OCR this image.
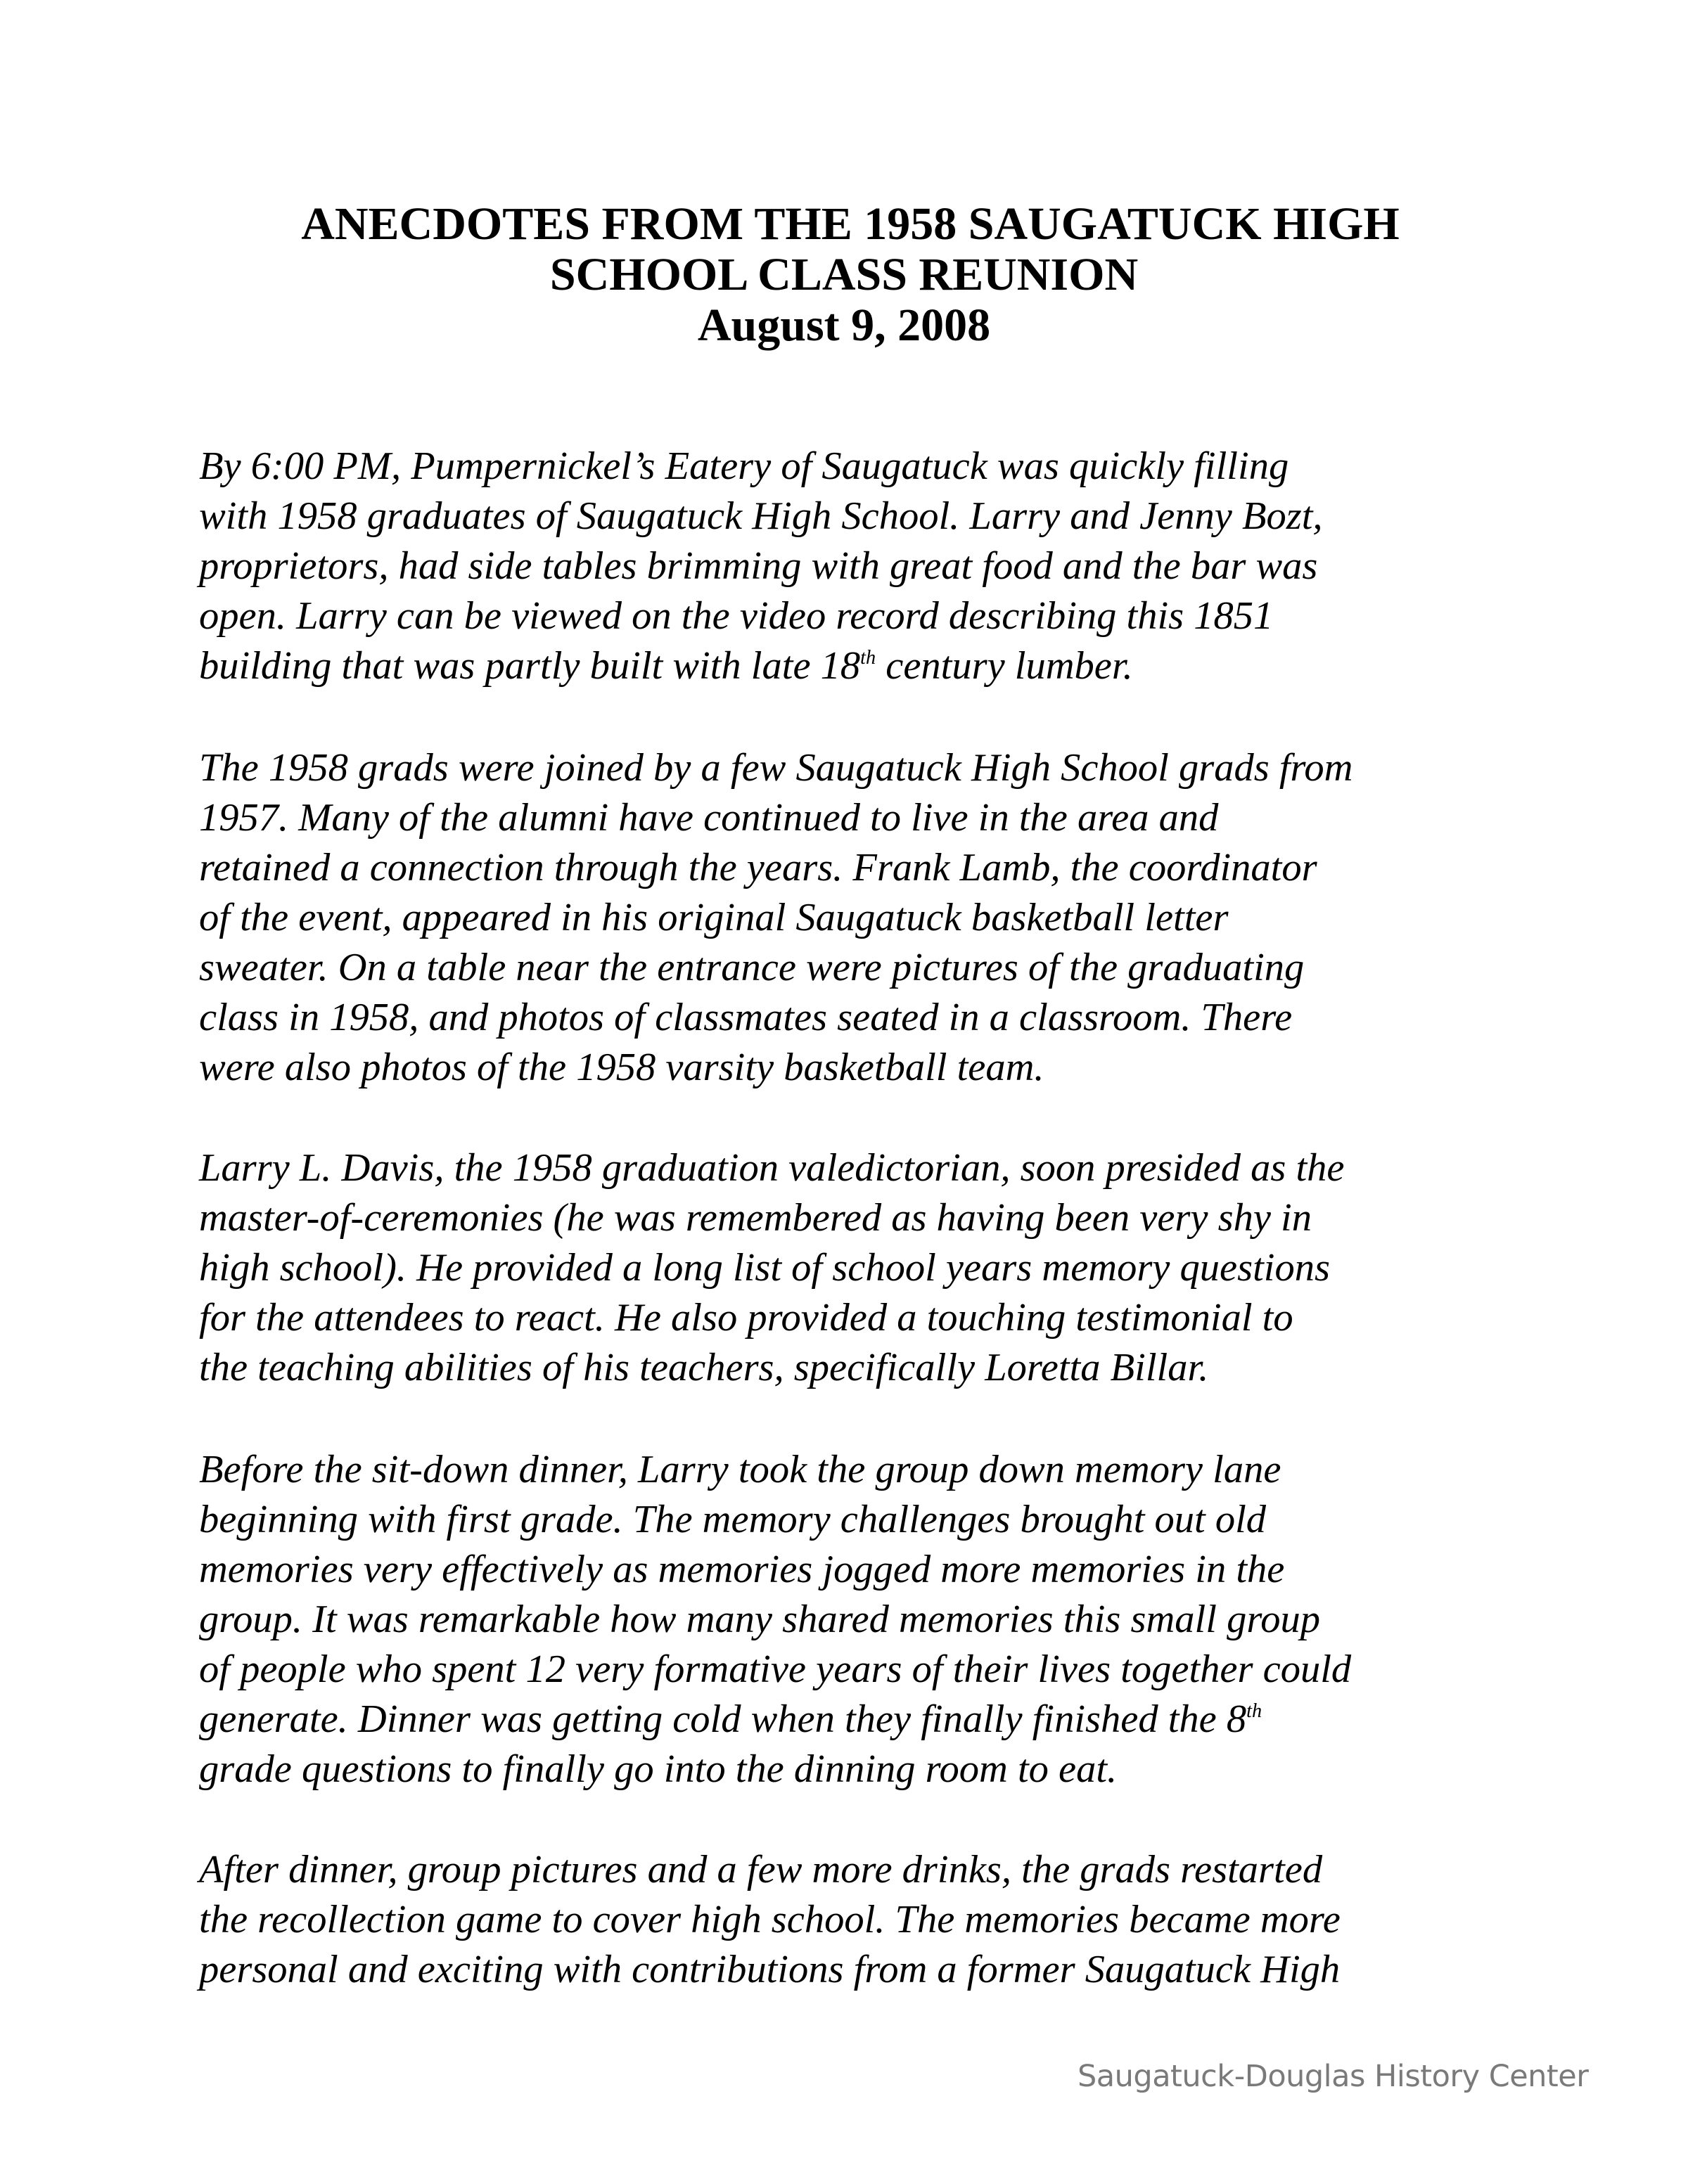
ANECDOTES FROM THE 1958 SAUGATUCK HIGH
SCHOOL CLASS REUNION
August 9, 2008
By 6:00 PM, Pumpernickel’s Eatery of Saugatuck was quickly filling
with 1958 graduates of Saugatuck High School. Larry and Jenny Bozt,
proprietors, had side tables brimming with great food and the bar was
open. Larry can be viewed on the video record describing this 1851
building that was partly built with late 18th century lumber.
The 1958 grads were joined by a few Saugatuck High School grads from
1957. Many of the alumni have continued to live in the area and
retained a connection through the years. Frank Lamb, the coordinator
of the event, appeared in his original Saugatuck basketball letter
sweater. On a table near the entrance were pictures of the graduating
class in 1958, and photos of classmates seated in a classroom. There
were also photos of the 1958 varsity basketball team.
Larry L. Davis, the 1958 graduation valedictorian, soon presided as the
master-of-ceremonies (he was remembered as having been very shy in
high school). He provided a long list of school years memory questions
for the attendees to react. He also provided a touching testimonial to
the teaching abilities of his teachers, specifically Loretta Billar.
Before the sit-down dinner, Larry took the group down memory lane
beginning with first grade. The memory challenges brought out old
memories very effectively as memories jogged more memories in the
group. It was remarkable how many shared memories this small group
of people who spent 12 very formative years of their lives together could
generate. Dinner was getting cold when they finally finished the 8th
grade questions to finally go into the dinning room to eat.
After dinner, group pictures and a few more drinks, the grads restarted
the recollection game to cover high school. The memories became more
personal and exciting with contributions from a former Saugatuck High
Saugatuck-Douglas History Center
